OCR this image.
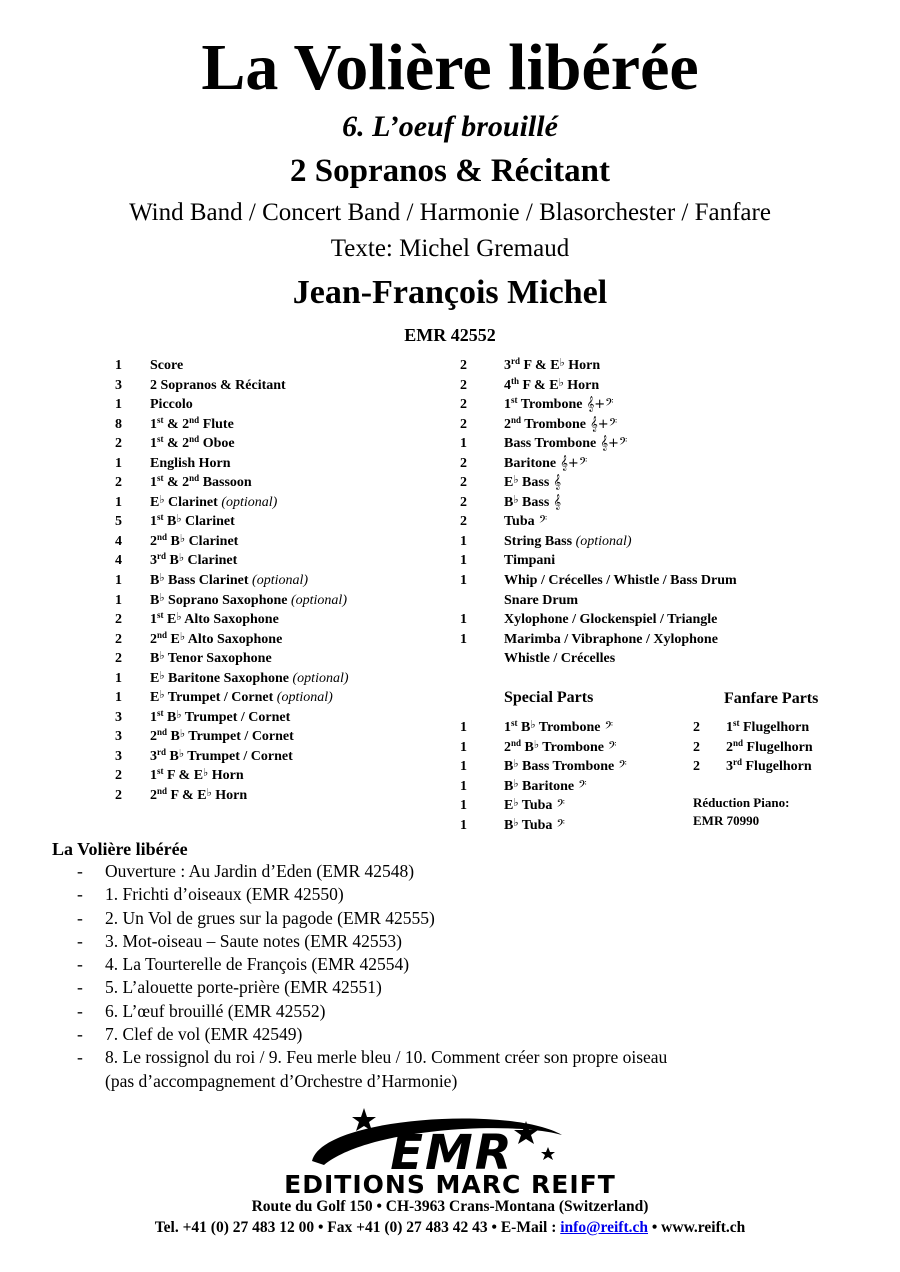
La Volière libérée
6. L’oeuf brouillé
2 Sopranos & Récitant
Wind Band / Concert Band / Harmonie / Blasorchester / Fanfare
Texte: Michel Gremaud
Jean-François Michel
EMR 42552
1 Score
3 2 Sopranos & Récitant
1 Piccolo
8 1st & 2nd Flute
2 1st & 2nd Oboe
1 English Horn
2 1st & 2nd Bassoon
1 E♭ Clarinet (optional)
5 1st B♭ Clarinet
4 2nd B♭ Clarinet
4 3rd B♭ Clarinet
1 B♭ Bass Clarinet (optional)
1 B♭ Soprano Saxophone (optional)
2 1st E♭ Alto Saxophone
2 2nd E♭ Alto Saxophone
2 B♭ Tenor Saxophone
1 E♭ Baritone Saxophone (optional)
1 E♭ Trumpet / Cornet (optional)
3 1st B♭ Trumpet / Cornet
3 2nd B♭ Trumpet / Cornet
3 3rd B♭ Trumpet / Cornet
2 1st F & E♭ Horn
2 2nd F & E♭ Horn
2	3rd F & E♭ Horn
2	4th F & E♭ Horn
2	1st Trombone 𝄞+𝄢
2	2nd Trombone 𝄞+𝄢
1	Bass Trombone 𝄞+𝄢
2	Baritone 𝄞+𝄢
2	E♭ Bass 𝄞
2	B♭ Bass 𝄞
2	Tuba 𝄢
1	String Bass (optional)
1	Timpani
1	Whip / Crécelles / Whistle / Bass Drum
Snare Drum
1	Xylophone / Glockenspiel / Triangle
1	Marimba / Vibraphone / Xylophone
Whistle / Crécelles
Special Parts
1	1st B♭ Trombone 𝄢
1	2nd B♭ Trombone 𝄢
1	B♭ Bass Trombone 𝄢
1	B♭ Baritone 𝄢
1	E♭ Tuba 𝄢
1	B♭ Tuba 𝄢
Fanfare Parts
2 1st Flugelhorn
2 2nd Flugelhorn
2 3rd Flugelhorn
Réduction Piano:
EMR 70990
La Volière libérée
- Ouverture : Au Jardin d’Eden (EMR 42548)
- 1. Frichti d’oiseaux (EMR 42550)
- 2. Un Vol de grues sur la pagode (EMR 42555)
- 3. Mot-oiseau – Saute notes (EMR 42553)
- 4. La Tourterelle de François (EMR 42554)
- 5. L’alouette porte-prière (EMR 42551)
- 6. L’œuf brouillé (EMR 42552)
- 7. Clef de vol (EMR 42549)
- 8. Le rossignol du roi / 9. Feu merle bleu / 10. Comment créer son propre oiseau
(pas d’accompagnement d’Orchestre d’Harmonie)
EMR
EDITIONS MARC REIFT
Route du Golf 150 • CH-3963 Crans-Montana (Switzerland)
Tel. +41 (0) 27 483 12 00 • Fax +41 (0) 27 483 42 43 • E-Mail : info@reift.ch • www.reift.ch
